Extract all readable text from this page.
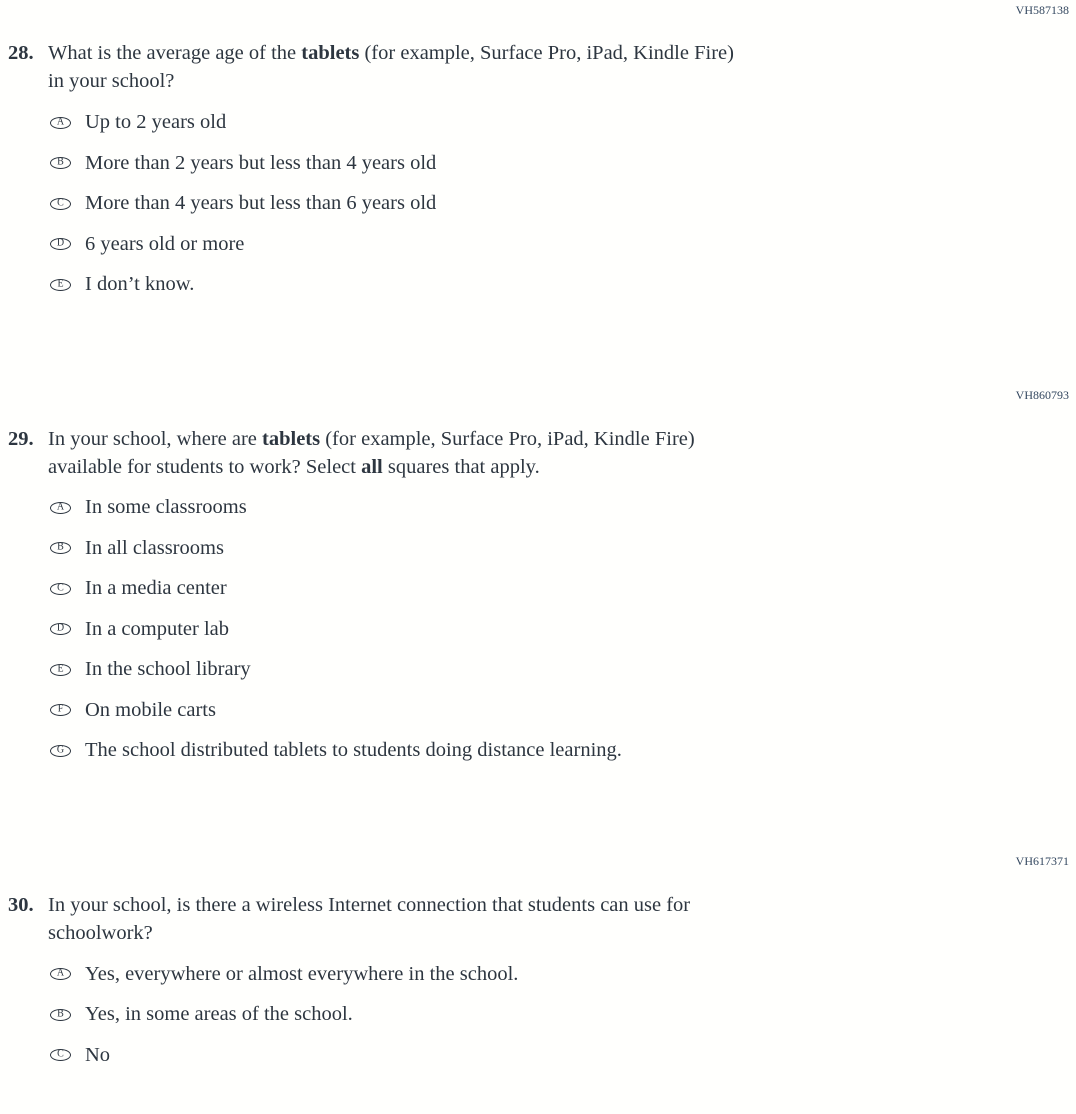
VH587138
28. What is the average age of the tablets (for example, Surface Pro, iPad, Kindle Fire)
in your school?
A Up to 2 years old
B More than 2 years but less than 4 years old
C More than 4 years but less than 6 years old
D 6 years old or more
E I don’t know.
VH860793
29. In your school, where are tablets (for example, Surface Pro, iPad, Kindle Fire)
available for students to work? Select all squares that apply.
A In some classrooms
B In all classrooms
C In a media center
D In a computer lab
E In the school library
F On mobile carts
G The school distributed tablets to students doing distance learning.
VH617371
30. In your school, is there a wireless Internet connection that students can use for
schoolwork?
A Yes, everywhere or almost everywhere in the school.
B Yes, in some areas of the school.
C No
